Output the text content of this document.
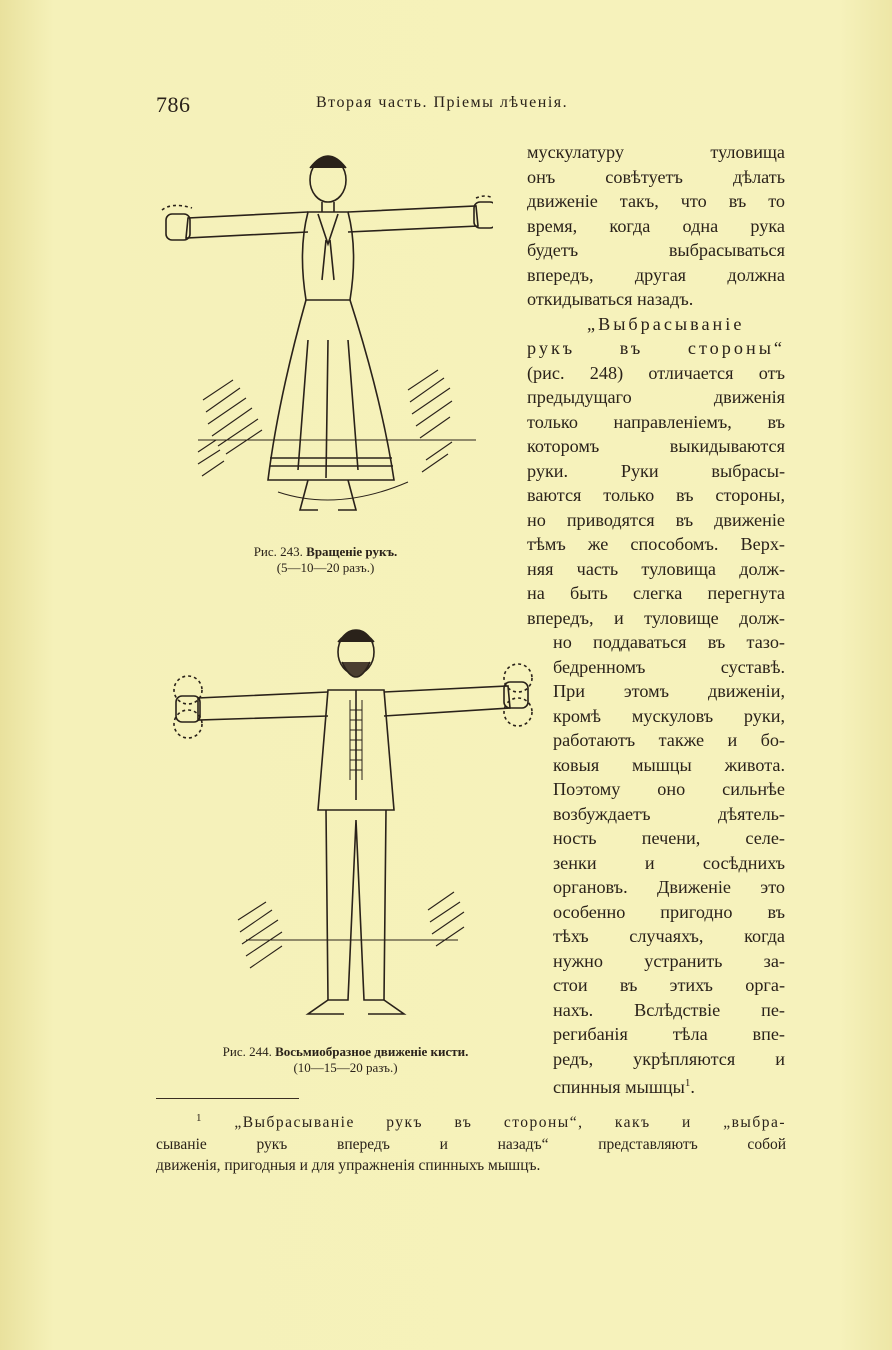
786	Вторая часть. Прiемы лѣченiя.
Рис. 243. Вращенiе рукъ.
(5—10—20 разъ.)
Рис. 244. Восьмиобразное движенiе кисти.
(10—15—20 разъ.)
мускулатуру туловища
онъ совѣтуетъ дѣлать
движенiе такъ, что въ то
время, когда одна рука
будетъ выбрасываться
впередъ, другая должна
откидываться назадъ.
„Выбрасыванiе
рукъ въ стороны“
(рис. 248) отличается отъ
предыдущаго движенiя
только направленiемъ, въ
которомъ выкидываются
руки. Руки выбрасы-
ваются только въ стороны,
но приводятся въ движенiе
тѣмъ же способомъ. Верх-
няя часть туловища долж-
на быть слегка перегнута
впередъ, и туловище долж-
но поддаваться въ тазо-
бедренномъ суставѣ.
При этомъ движенiи,
кромѣ мускуловъ руки,
работаютъ также и бо-
ковыя мышцы живота.
Поэтому оно сильнѣе
возбуждаетъ дѣятель-
ность печени, селе-
зенки и сосѣднихъ
органовъ. Движенiе это
особенно пригодно въ
тѣхъ случаяхъ, когда
нужно устранить за-
стои въ этихъ орга-
нахъ. Вслѣдствiе пе-
регибанiя тѣла впе-
редъ, укрѣпляются и
спинныя мышцы$^1$.
$^1$ „Выбрасыванiе рукъ въ стороны“, какъ и „выбра-
сыванiе рукъ впередъ и назадъ“ представляютъ собой
движенiя, пригодныя и для упражненiя спинныхъ мышцъ.
